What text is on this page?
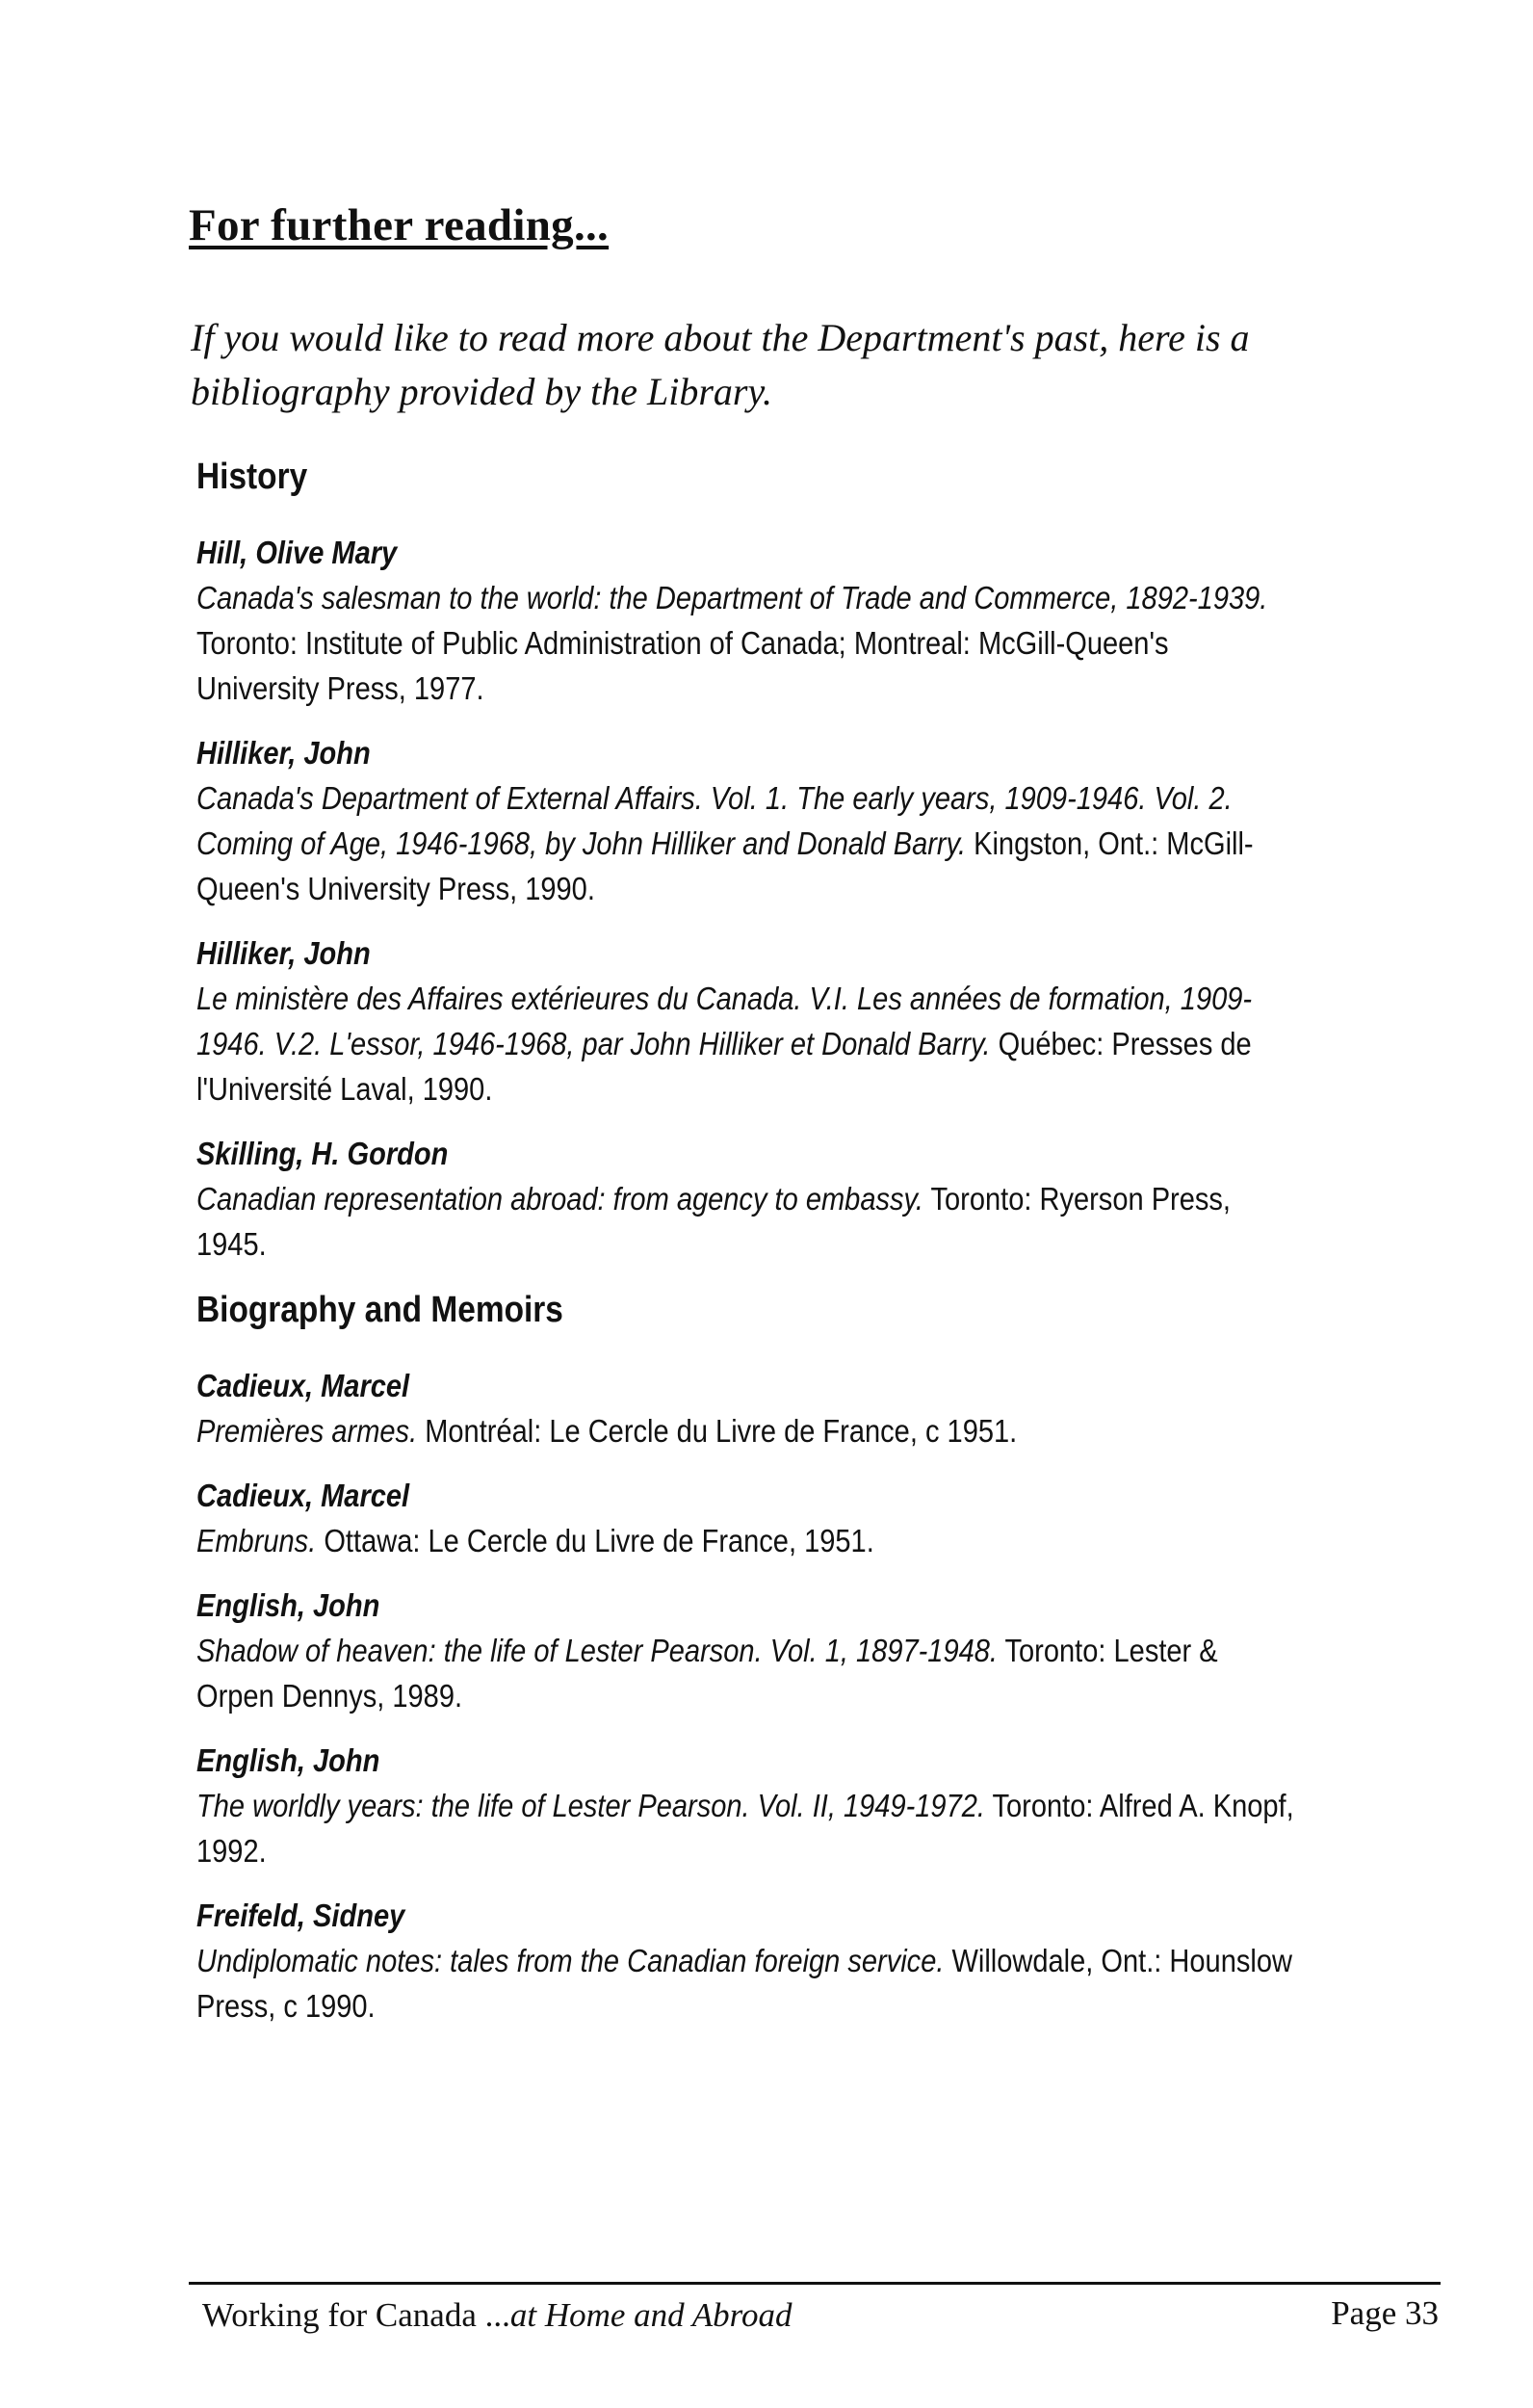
For further reading...
If you would like to read more about the Department's past, here is a bibliography provided by the Library.
History
Hill, Olive Mary
Canada's salesman to the world: the Department of Trade and Commerce, 1892-1939. Toronto: Institute of Public Administration of Canada; Montreal: McGill-Queen's University Press, 1977.
Hilliker, John
Canada's Department of External Affairs. Vol. 1. The early years, 1909-1946. Vol. 2. Coming of Age, 1946-1968, by John Hilliker and Donald Barry. Kingston, Ont.: McGill-Queen's University Press, 1990.
Hilliker, John
Le ministère des Affaires extérieures du Canada. V.I. Les années de formation, 1909-1946. V.2. L'essor, 1946-1968, par John Hilliker et Donald Barry. Québec: Presses de l'Université Laval, 1990.
Skilling, H. Gordon
Canadian representation abroad: from agency to embassy. Toronto: Ryerson Press, 1945.
Biography and Memoirs
Cadieux, Marcel
Premières armes. Montréal: Le Cercle du Livre de France, c 1951.
Cadieux, Marcel
Embruns. Ottawa: Le Cercle du Livre de France, 1951.
English, John
Shadow of heaven: the life of Lester Pearson. Vol. 1, 1897-1948. Toronto: Lester & Orpen Dennys, 1989.
English, John
The worldly years: the life of Lester Pearson. Vol. II, 1949-1972. Toronto: Alfred A. Knopf, 1992.
Freifeld, Sidney
Undiplomatic notes: tales from the Canadian foreign service. Willowdale, Ont.: Hounslow Press, c 1990.
Working for Canada ...at Home and Abroad	Page 33
